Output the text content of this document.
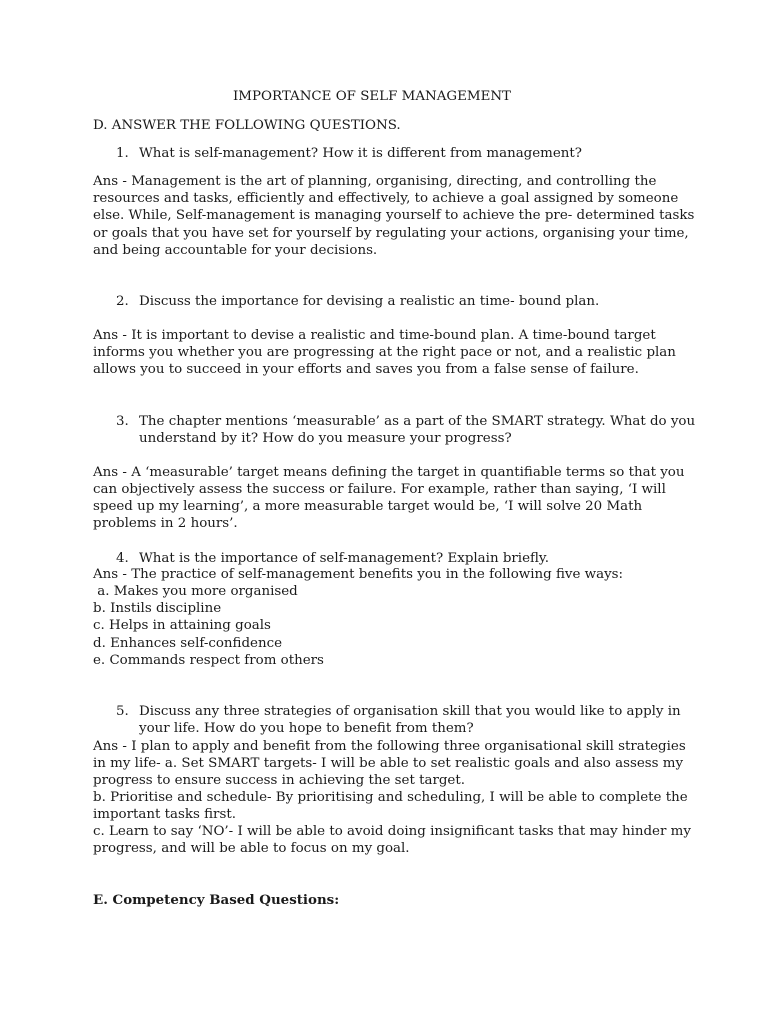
IMPORTANCE OF SELF MANAGEMENT
D. ANSWER THE FOLLOWING QUESTIONS.
1. What is self-management? How it is different from management?
Ans - Management is the art of planning, organising, directing, and controlling the
resources and tasks, efficiently and effectively, to achieve a goal assigned by someone
else. While, Self-management is managing yourself to achieve the pre- determined tasks
or goals that you have set for yourself by regulating your actions, organising your time,
and being accountable for your decisions.
2. Discuss the importance for devising a realistic an time- bound plan.
Ans - It is important to devise a realistic and time-bound plan. A time-bound target
informs you whether you are progressing at the right pace or not, and a realistic plan
allows you to succeed in your efforts and saves you from a false sense of failure.
3. The chapter mentions ‘measurable’ as a part of the SMART strategy. What do you
understand by it? How do you measure your progress?
Ans - A ‘measurable’ target means defining the target in quantifiable terms so that you
can objectively assess the success or failure. For example, rather than saying, ‘I will
speed up my learning’, a more measurable target would be, ‘I will solve 20 Math
problems in 2 hours’.
4. What is the importance of self-management? Explain briefly.
Ans - The practice of self-management benefits you in the following five ways:
a. Makes you more organised
b. Instils discipline
c. Helps in attaining goals
d. Enhances self-confidence
e. Commands respect from others
5. Discuss any three strategies of organisation skill that you would like to apply in
your life. How do you hope to benefit from them?
Ans - I plan to apply and benefit from the following three organisational skill strategies
in my life- a. Set SMART targets- I will be able to set realistic goals and also assess my
progress to ensure success in achieving the set target.
b. Prioritise and schedule- By prioritising and scheduling, I will be able to complete the
important tasks first.
c. Learn to say ‘NO’- I will be able to avoid doing insignificant tasks that may hinder my
progress, and will be able to focus on my goal.
E. Competency Based Questions:
